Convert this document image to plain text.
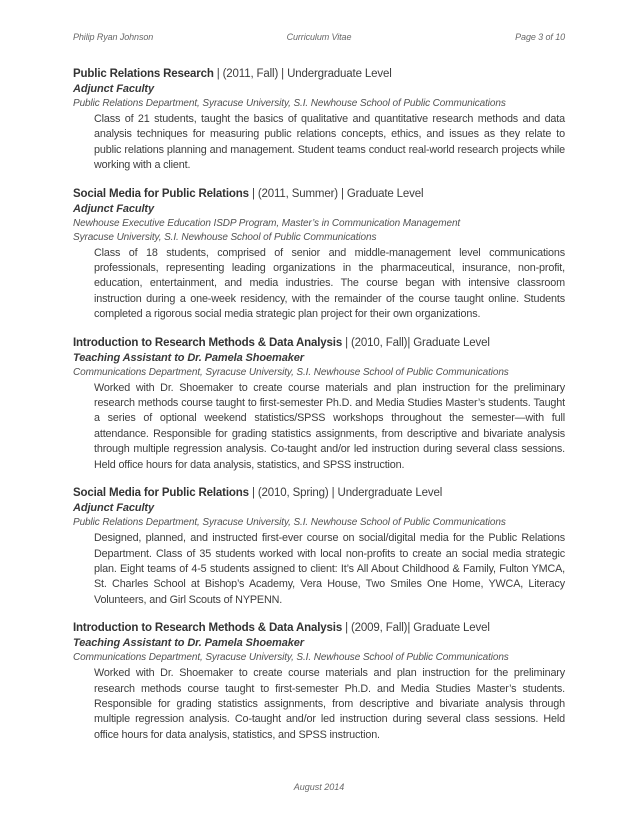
Philip Ryan Johnson	Curriculum Vitae	Page 3 of 10
Public Relations Research | (2011, Fall) | Undergraduate Level
Adjunct Faculty
Public Relations Department, Syracuse University, S.I. Newhouse School of Public Communications

Class of 21 students, taught the basics of qualitative and quantitative research methods and data analysis techniques for measuring public relations concepts, ethics, and issues as they relate to public relations planning and management. Student teams conduct real-world research projects while working with a client.

Social Media for Public Relations | (2011, Summer) | Graduate Level
Adjunct Faculty
Newhouse Executive Education ISDP Program, Master’s in Communication Management
Syracuse University, S.I. Newhouse School of Public Communications

Class of 18 students, comprised of senior and middle-management level communications professionals, representing leading organizations in the pharmaceutical, insurance, non-profit, education, entertainment, and media industries. The course began with intensive classroom instruction during a one-week residency, with the remainder of the course taught online. Students completed a rigorous social media strategic plan project for their own organizations.

Introduction to Research Methods & Data Analysis | (2010, Fall)| Graduate Level
Teaching Assistant to Dr. Pamela Shoemaker
Communications Department, Syracuse University, S.I. Newhouse School of Public Communications

Worked with Dr. Shoemaker to create course materials and plan instruction for the preliminary research methods course taught to first-semester Ph.D. and Media Studies Master’s students. Taught a series of optional weekend statistics/SPSS workshops throughout the semester—with full attendance. Responsible for grading statistics assignments, from descriptive and bivariate analysis through multiple regression analysis. Co-taught and/or led instruction during several class sessions. Held office hours for data analysis, statistics, and SPSS instruction.

Social Media for Public Relations | (2010, Spring) | Undergraduate Level
Adjunct Faculty
Public Relations Department, Syracuse University, S.I. Newhouse School of Public Communications

Designed, planned, and instructed first-ever course on social/digital media for the Public Relations Department. Class of 35 students worked with local non-profits to create an social media strategic plan. Eight teams of 4-5 students assigned to client: It’s All About Childhood & Family, Fulton YMCA, St. Charles School at Bishop’s Academy, Vera House, Two Smiles One Home, YWCA, Literacy Volunteers, and Girl Scouts of NYPENN.

Introduction to Research Methods & Data Analysis | (2009, Fall)| Graduate Level
Teaching Assistant to Dr. Pamela Shoemaker
Communications Department, Syracuse University, S.I. Newhouse School of Public Communications

Worked with Dr. Shoemaker to create course materials and plan instruction for the preliminary research methods course taught to first-semester Ph.D. and Media Studies Master’s students. Responsible for grading statistics assignments, from descriptive and bivariate analysis through multiple regression analysis. Co-taught and/or led instruction during several class sessions. Held office hours for data analysis, statistics, and SPSS instruction.

August 2014
